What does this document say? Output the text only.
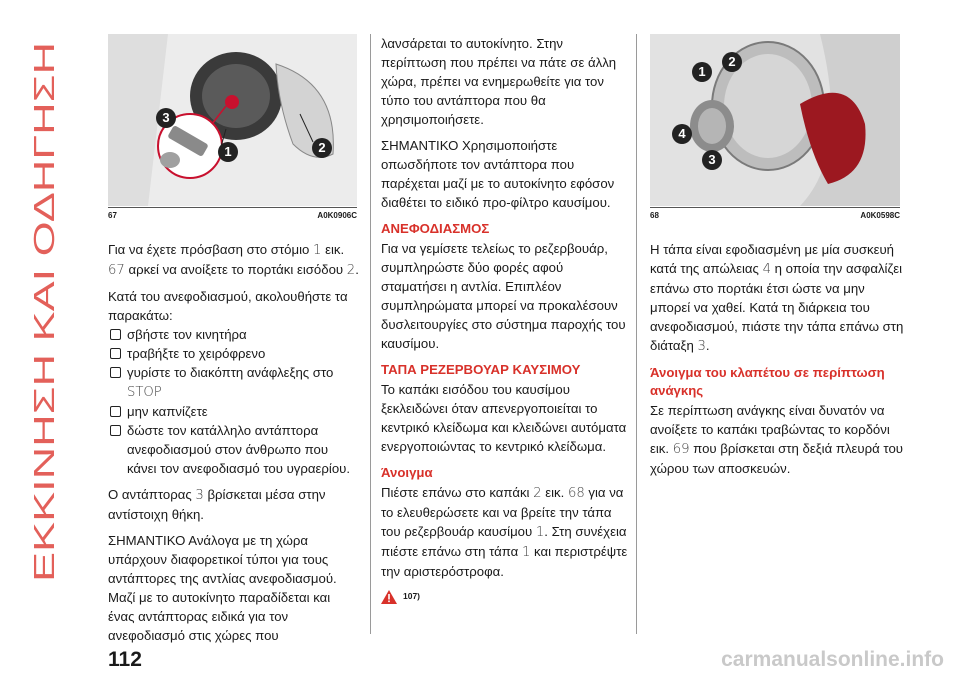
ΕΚΚΙΝΗΣΗ ΚΑΙ ΟΔΗΓΗΣΗ
3
1	2
67	A0K0906C
1
2
4
3
68	A0K0598C

Για να έχετε πρόσβαση στο στόμιο 1 εικ. 67 αρκεί να ανοίξετε το πορτάκι εισόδου 2.

Κατά του ανεφοδιασμού, ακολουθήστε τα παρακάτω:

σβήστε τον κινητήρα
τραβήξτε το χειρόφρενο
γυρίστε το διακόπτη ανάφλεξης στο
STOP
μην καπνίζετε
δώστε τον κατάλληλο αντάπτορα ανεφοδιασμού στον άνθρωπο που κάνει τον ανεφοδιασμό του υγραερίου.

Ο αντάπτορας 3 βρίσκεται μέσα στην αντίστοιχη θήκη.

ΣΗΜΑΝΤΙΚΟ Ανάλογα με τη χώρα υπάρχουν διαφορετικοί τύποι για τους αντάπτορες της αντλίας ανεφοδιασμού. Μαζί με το αυτοκίνητο παραδίδεται και ένας αντάπτορας ειδικά για τον ανεφοδιασμό στις χώρες που

λανσάρεται το αυτοκίνητο. Στην περίπτωση που πρέπει να πάτε σε άλλη χώρα, πρέπει να ενημερωθείτε για τον τύπο του αντάπτορα που θα χρησιμοποιήσετε.

ΣΗΜΑΝΤΙΚΟ Χρησιμοποιήστε οπωσδήποτε τον αντάπτορα που παρέχεται μαζί με το αυτοκίνητο εφόσον διαθέτει το ειδικό προ-φίλτρο καυσίμου.

ΑΝΕΦΟΔΙΑΣΜΟΣ

Για να γεμίσετε τελείως το ρεζερβουάρ, συμπληρώστε δύο φορές αφού σταματήσει η αντλία. Επιπλέον συμπληρώματα μπορεί να προκαλέσουν δυσλειτουργίες στο σύστημα παροχής του καυσίμου.

ΤΑΠΑ ΡΕΖΕΡΒΟΥΑΡ ΚΑΥΣΙΜΟΥ

Το καπάκι εισόδου του καυσίμου ξεκλειδώνει όταν απενεργοποιείται το κεντρικό κλείδωμα και κλειδώνει αυτόματα ενεργοποιώντας το κεντρικό κλείδωμα.

Άνοιγμα

Πιέστε επάνω στο καπάκι 2 εικ. 68 για να το ελευθερώσετε και να βρείτε την τάπα του ρεζερβουάρ καυσίμου 1. Στη συνέχεια πιέστε επάνω στη τάπα 1 και περιστρέψτε την αριστερόστροφα.

107)

Η τάπα είναι εφοδιασμένη με μία συσκευή κατά της απώλειας 4 η οποία την ασφαλίζει επάνω στο πορτάκι έτσι ώστε να μην μπορεί να χαθεί. Κατά τη διάρκεια του ανεφοδιασμού, πιάστε την τάπα επάνω στη διάταξη 3.

Άνοιγμα του κλαπέτου σε περίπτωση ανάγκης

Σε περίπτωση ανάγκης είναι δυνατόν να ανοίξετε το καπάκι τραβώντας το κορδόνι εικ. 69 που βρίσκεται στη δεξιά πλευρά του χώρου των αποσκευών.

112	carmanualsonline.info
